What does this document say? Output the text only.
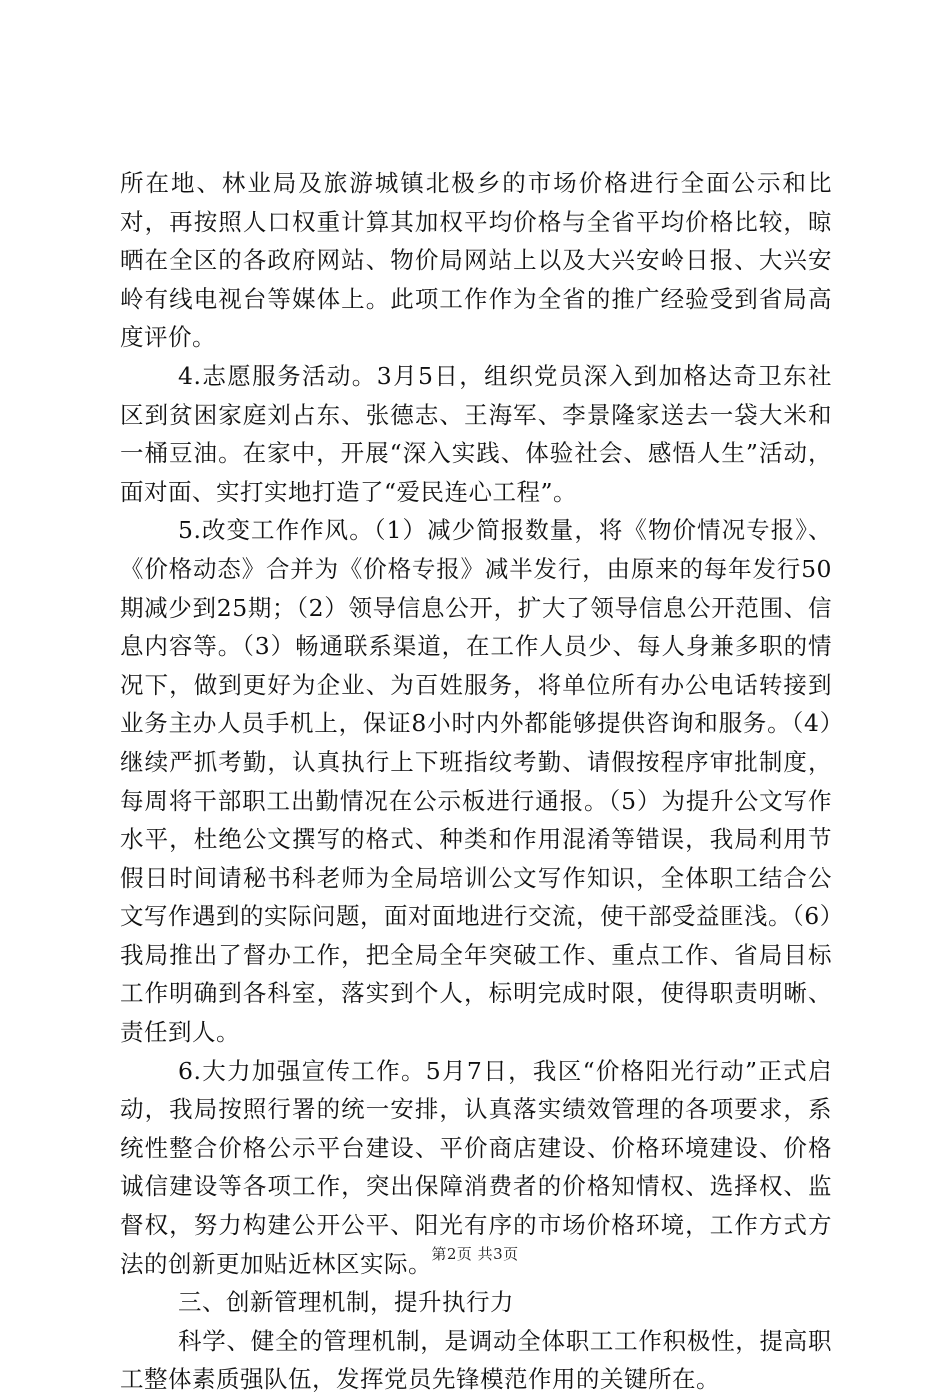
所在地、林业局及旅游城镇北极乡的市场价格进行全面公示和比对，再按照人口权重计算其加权平均价格与全省平均价格比较，晾晒在全区的各政府网站、物价局网站上以及大兴安岭日报、大兴安岭有线电视台等媒体上。此项工作作为全省的推广经验受到省局高度评价。

4.志愿服务活动。3月5日，组织党员深入到加格达奇卫东社区到贫困家庭刘占东、张德志、王海军、李景隆家送去一袋大米和一桶豆油。在家中，开展“深入实践、体验社会、感悟人生”活动，面对面、实打实地打造了“爱民连心工程”。

5.改变工作作风。（1）减少简报数量，将《物价情况专报》、《价格动态》合并为《价格专报》减半发行，由原来的每年发行50期减少到25期；（2）领导信息公开，扩大了领导信息公开范围、信息内容等。（3）畅通联系渠道，在工作人员少、每人身兼多职的情况下，做到更好为企业、为百姓服务，将单位所有办公电话转接到业务主办人员手机上，保证8小时内外都能够提供咨询和服务。（4）继续严抓考勤，认真执行上下班指纹考勤、请假按程序审批制度，每周将干部职工出勤情况在公示板进行通报。（5）为提升公文写作水平，杜绝公文撰写的格式、种类和作用混淆等错误，我局利用节假日时间请秘书科老师为全局培训公文写作知识，全体职工结合公文写作遇到的实际问题，面对面地进行交流，使干部受益匪浅。（6）我局推出了督办工作，把全局全年突破工作、重点工作、省局目标工作明确到各科室，落实到个人，标明完成时限，使得职责明晰、责任到人。

6.大力加强宣传工作。5月7日，我区“价格阳光行动”正式启动，我局按照行署的统一安排，认真落实绩效管理的各项要求，系统性整合价格公示平台建设、平价商店建设、价格环境建设、价格诚信建设等各项工作，突出保障消费者的价格知情权、选择权、监督权，努力构建公开公平、阳光有序的市场价格环境，工作方式方法的创新更加贴近林区实际。

三、创新管理机制，提升执行力

科学、健全的管理机制，是调动全体职工工作积极性，提高职工整体素质强队伍，发挥党员先锋模范作用的关键所在。

第2页 共3页
